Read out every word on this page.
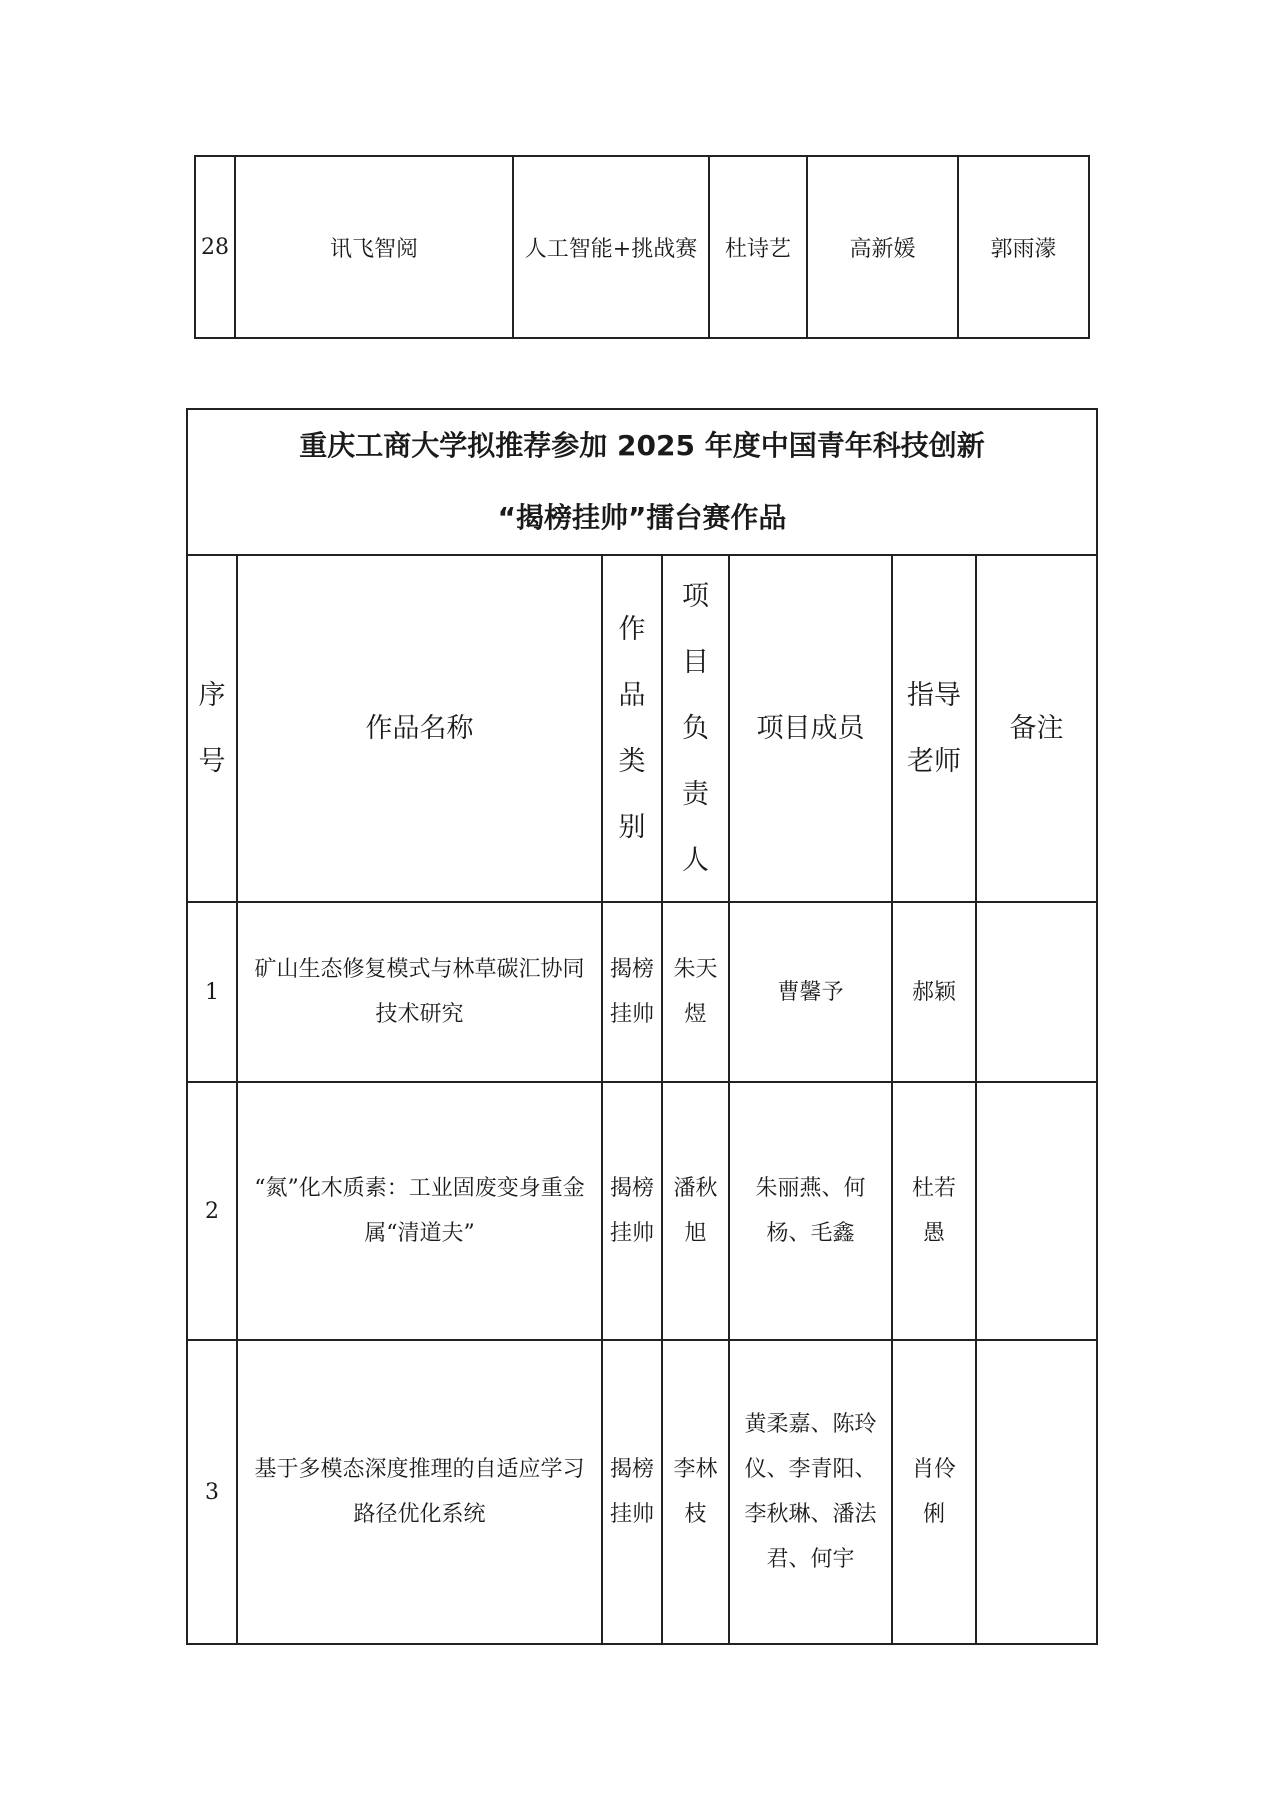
28	讯飞智阅	人工智能+挑战赛	杜诗艺	高新媛	郭雨濛
重庆工商大学拟推荐参加 2025 年度中国青年科技创新
“揭榜挂帅”擂台赛作品						

序号	作品名称	作品类别	项目负责人	项目成员	指导老师	备注
1	矿山生态修复模式与林草碳汇协同技术研究	揭榜挂帅	朱天煜	曹馨予	郝颖	
2	“氮”化木质素：工业固废变身重金属“清道夫”	揭榜挂帅	潘秋旭	朱丽燕、何杨、毛鑫	杜若愚	
3	基于多模态深度推理的自适应学习路径优化系统	揭榜挂帅	李林枝	黄柔嘉、陈玲仪、李青阳、李秋琳、潘法君、何宇	肖伶俐	
